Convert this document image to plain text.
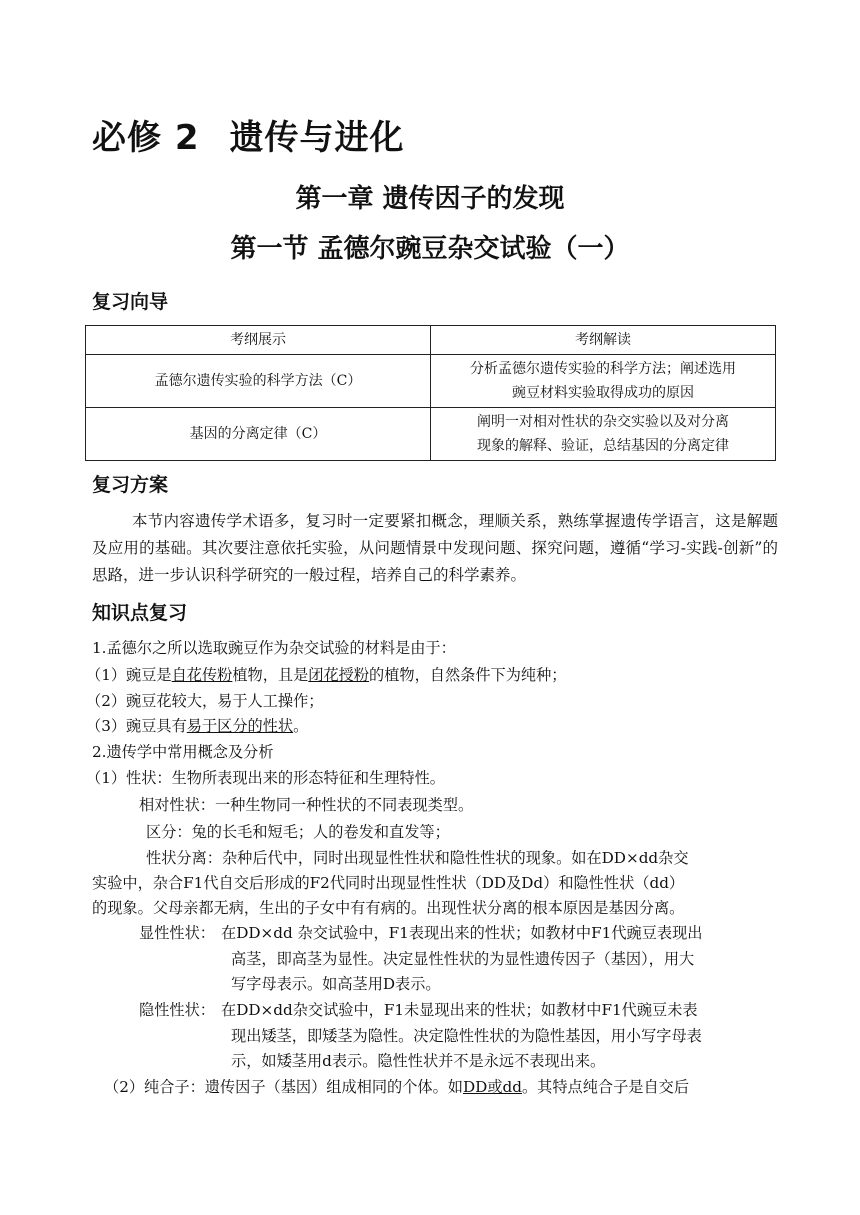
必修 2 遗传与进化
第一章 遗传因子的发现
第一节 孟德尔豌豆杂交试验（一）
复习向导
考纲展示	考纲解读
孟德尔遗传实验的科学方法（C）	分析孟德尔遗传实验的科学方法；阐述选用
豌豆材料实验取得成功的原因
基因的分离定律（C）	阐明一对相对性状的杂交实验以及对分离
现象的解释、验证，总结基因的分离定律
复习方案
本节内容遗传学术语多，复习时一定要紧扣概念，理顺关系，熟练掌握遗传学语言，这是解题及应用的基础。其次要注意依托实验，从问题情景中发现问题、探究问题，遵循“学习-实践-创新”的思路，进一步认识科学研究的一般过程，培养自己的科学素养。
知识点复习
1.孟德尔之所以选取豌豆作为杂交试验的材料是由于：
（1）豌豆是自花传粉植物，且是闭花授粉的植物，自然条件下为纯种；
（2）豌豆花较大，易于人工操作；
（3）豌豆具有易于区分的性状。
2.遗传学中常用概念及分析
（1）性状：生物所表现出来的形态特征和生理特性。
相对性状：一种生物同一种性状的不同表现类型。
区分：兔的长毛和短毛；人的卷发和直发等；
性状分离：杂种后代中，同时出现显性性状和隐性性状的现象。如在DD×dd杂交
实验中，杂合F1代自交后形成的F2代同时出现显性性状（DD及Dd）和隐性性状（dd）
的现象。父母亲都无病，生出的子女中有有病的。出现性状分离的根本原因是基因分离。
显性性状： 在DD×dd 杂交试验中，F1表现出来的性状；如教材中F1代豌豆表现出
高茎，即高茎为显性。决定显性性状的为显性遗传因子（基因），用大
写字母表示。如高茎用D表示。
隐性性状： 在DD×dd杂交试验中，F1未显现出来的性状；如教材中F1代豌豆未表
现出矮茎，即矮茎为隐性。决定隐性性状的为隐性基因，用小写字母表
示，如矮茎用d表示。隐性性状并不是永远不表现出来。
（2）纯合子：遗传因子（基因）组成相同的个体。如DD或dd。其特点纯合子是自交后
